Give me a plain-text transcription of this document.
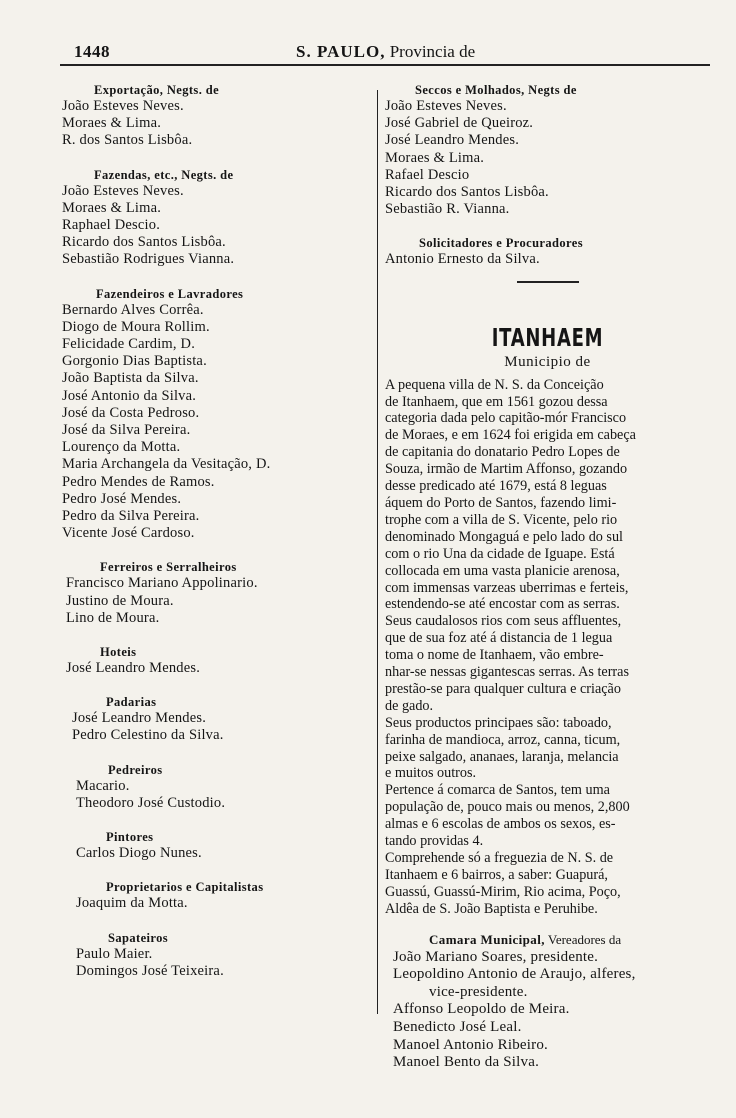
1448	S. PAULO, Provincia de
Exportação, Negts. de
João Esteves Neves.
Moraes & Lima.
R. dos Santos Lisbôa.
Fazendas, etc., Negts. de
João Esteves Neves.
Moraes & Lima.
Raphael Descio.
Ricardo dos Santos Lisbôa.
Sebastião Rodrigues Vianna.
Fazendeiros e Lavradores
Bernardo Alves Corrêa.
Diogo de Moura Rollim.
Felicidade Cardim, D.
Gorgonio Dias Baptista.
João Baptista da Silva.
José Antonio da Silva.
José da Costa Pedroso.
José da Silva Pereira.
Lourenço da Motta.
Maria Archangela da Vesitação, D.
Pedro Mendes de Ramos.
Pedro José Mendes.
Pedro da Silva Pereira.
Vicente José Cardoso.
Ferreiros e Serralheiros
Francisco Mariano Appolinario.
Justino de Moura.
Lino de Moura.
Hoteis
José Leandro Mendes.
Padarias
José Leandro Mendes.
Pedro Celestino da Silva.
Pedreiros
Macario.
Theodoro José Custodio.
Pintores
Carlos Diogo Nunes.
Proprietarios e Capitalistas
Joaquim da Motta.
Sapateiros
Paulo Maier.
Domingos José Teixeira.
Seccos e Molhados, Negts de
João Esteves Neves.
José Gabriel de Queiroz.
José Leandro Mendes.
Moraes & Lima.
Rafael Descio
Ricardo dos Santos Lisbôa.
Sebastião R. Vianna.
Solicitadores e Procuradores
Antonio Ernesto da Silva.
ITANHAEM
Municipio de
A pequena villa de N. S. da Conceição
de Itanhaem, que em 1561 gozou dessa
categoria dada pelo capitão-mór Francisco
de Moraes, e em 1624 foi erigida em cabeça
de capitania do donatario Pedro Lopes de
Souza, irmão de Martim Affonso, gozando
desse predicado até 1679, está 8 leguas
áquem do Porto de Santos, fazendo limi-
trophe com a villa de S. Vicente, pelo rio
denominado Mongaguá e pelo lado do sul
com o rio Una da cidade de Iguape. Está
collocada em uma vasta planicie arenosa,
com immensas varzeas uberrimas e ferteis,
estendendo-se até encostar com as serras.
Seus caudalosos rios com seus affluentes,
que de sua foz até á distancia de 1 legua
toma o nome de Itanhaem, vão embre-
nhar-se nessas gigantescas serras. As terras
prestão-se para qualquer cultura e criação
de gado.
Seus productos principaes são: taboado,
farinha de mandioca, arroz, canna, ticum,
peixe salgado, ananaes, laranja, melancia
e muitos outros.
Pertence á comarca de Santos, tem uma
população de, pouco mais ou menos, 2,800
almas e 6 escolas de ambos os sexos, es-
tando providas 4.
Comprehende só a freguezia de N. S. de
Itanhaem e 6 bairros, a saber: Guapurá,
Guassú, Guassú-Mirim, Rio acima, Poço,
Aldêa de S. João Baptista e Peruhibe.
Camara Municipal, Vereadores da
João Mariano Soares, presidente.
Leopoldino Antonio de Araujo, alferes,
vice-presidente.
Affonso Leopoldo de Meira.
Benedicto José Leal.
Manoel Antonio Ribeiro.
Manoel Bento da Silva.
